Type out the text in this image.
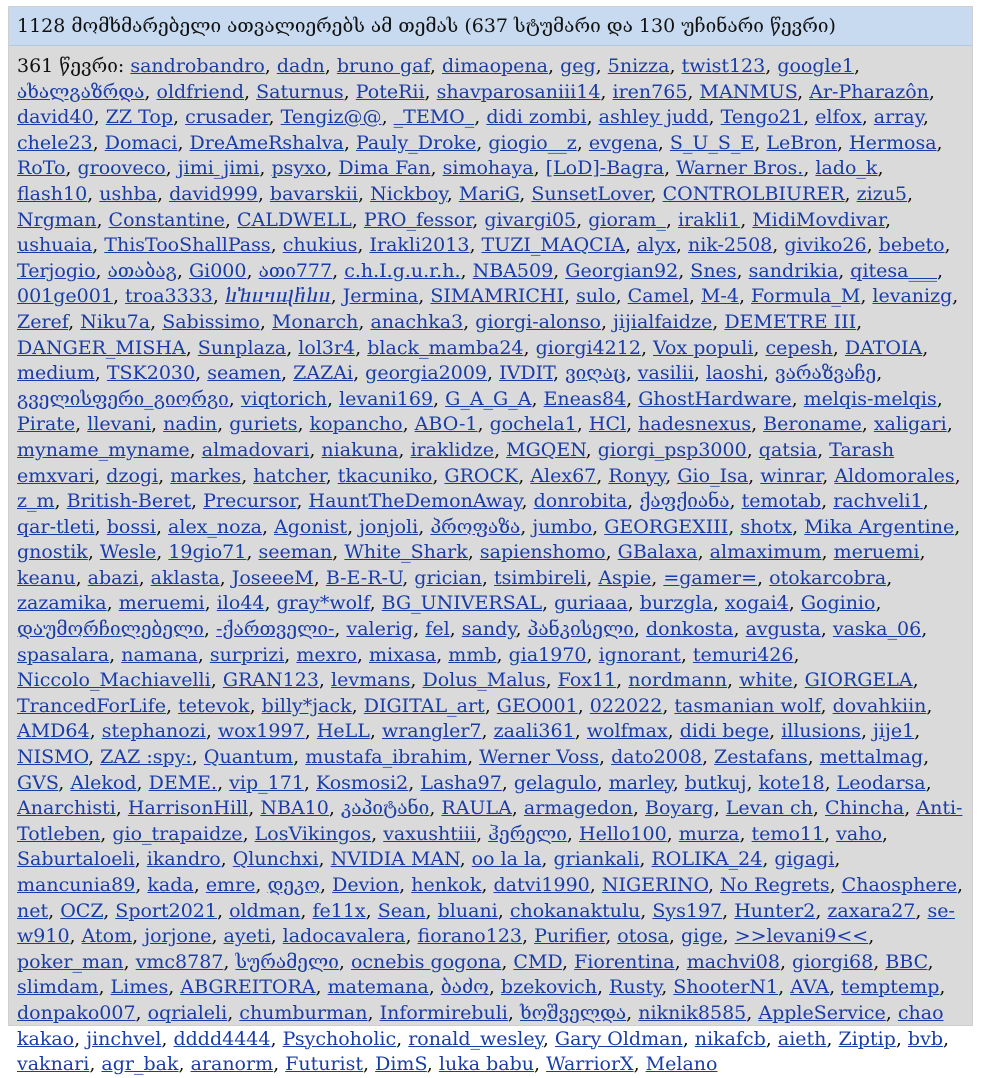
1128 მომხმარებელი ათვალიერებს ამ თემას (637 სტუმარი და 130 უჩინარი წევრი)
361 წევრი: sandrobandro, dadn, bruno gaf, dimaopena, geg, 5nizza, twist123, google1, ახალგაზრდა, oldfriend, Saturnus, PoteRii, shavparosaniii14, iren765, MANMUS, Ar-Pharazôn, david40, ZZ Top, crusader, Tengiz@@, _TEMO_, didi zombi, ashley judd, Tengo21, elfox, array, chele23, Domaci, DreAmeRshalva, Pauly_Droke, giogio__z, evgena, S_U_S_E, LeBron, Hermosa, RoTo, grooveco, jimi_jimi, psyxo, Dima Fan, simohaya, [LoD]-Bagra, Warner Bros., lado_k, flash10, ushba, david999, bavarskii, Nickboy, MariG, SunsetLover, CONTROLBIURER, zizu5, Nrgman, Constantine, CALDWELL, PRO_fessor, givargi05, gioram_, irakli1, MidiMovdivar, ushuaia, ThisTooShallPass, chukius, Irakli2013, TUZI_MAQCIA, alyx, nik-2508, giviko26, bebeto, Terjogio, ათაბაგ, Gi000, ათი777, c.h.I.g.u.r.h., NBA509, Georgian92, Snes, sandrikia, qitesa___, 001ge001, troa3333, ⴑⴆⴎⴈⴓⴌⴑⴎ, Jermina, SIMAMRICHI, sulo, Camel, M-4, Formula_M, levanizg, Zeref, Niku7a, Sabissimo, Monarch, anachka3, giorgi-alonso, jijialfaidze, DEMETRE III, DANGER_MISHA, Sunplaza, lol3r4, black_mamba24, giorgi4212, Vox populi, cepesh, DATOIA, medium, TSK2030, seamen, ZAZAi, georgia2009, IVDIT, ვიღაც, vasilii, laoshi, ვარაზვაჩე, გველისფერი_გიორგი, viqtorich, levani169, G_A_G_A, Eneas84, GhostHardware, melqis-melqis, Pirate, llevani, nadin, guriets, kopancho, ABO-1, gochela1, HCl, hadesnexus, Beroname, xaligari, myname_myname, almadovari, niakuna, iraklidze, MGQEN, giorgi_psp3000, qatsia, Tarash emxvari, dzogi, markes, hatcher, tkacuniko, GROCK, Alex67, Ronyy, Gio_Isa, winrar, Aldomorales, z_m, British-Beret, Precursor, HauntTheDemonAway, donrobita, ქაფქიანა, temotab, rachveli1, qar-tleti, bossi, alex_noza, Agonist, jonjoli, პროფაზა, jumbo, GEORGEXIII, shotx, Mika Argentine, gnostik, Wesle, 19gio71, seeman, White_Shark, sapienshomo, GBalaxa, almaximum, meruemi, keanu, abazi, aklasta, JoseeeM, B-E-R-U, grician, tsimbireli, Aspie, =gamer=, otokarcobra, zazamika, meruemi, ilo44, gray*wolf, BG_UNIVERSAL, guriaaa, burzgla, xogai4, Goginio, დაუმორჩილებელი, -ქართველი-, valerig, fel, sandy, პანკისელი, donkosta, avgusta, vaska_06, spasalara, namana, surprizi, mexro, mixasa, mmb, gia1970, ignorant, temuri426, Niccolo_Machiavelli, GRAN123, levmans, Dolus_Malus, Fox11, nordmann, white, GIORGELA, TrancedForLife, tetevok, billy*jack, DIGITAL_art, GEO001, 022022, tasmanian wolf, dovahkiin, AMD64, stephanozi, wox1997, HeLL, wrangler7, zaali361, wolfmax, didi bege, illusions, jije1, NISMO, ZAZ :spy:, Quantum, mustafa_ibrahim, Werner Voss, dato2008, Zestafans, mettalmag, GVS, Alekod, DEME., vip_171, Kosmosi2, Lasha97, gelagulo, marley, butkuj, kote18, Leodarsa, Anarchisti, HarrisonHill, NBA10, კაპიტანი, RAULA, armagedon, Boyarg, Levan ch, Chincha, Anti-Totleben, gio_trapaidze, LosVikingos, vaxushtiii, ჰერელი, Hello100, murza, temo11, vaho, Saburtaloeli, ikandro, Qlunchxi, NVIDIA MAN, oo la la, griankali, ROLIKA_24, gigagi, mancunia89, kada, emre, დეკო, Devion, henkok, datvi1990, NIGERINO, No Regrets, Chaosphere, net, OCZ, Sport2021, oldman, fe11x, Sean, bluani, chokanaktulu, Sys197, Hunter2, zaxara27, se-w910, Atom, jorjone, ayeti, ladocavalera, fiorano123, Purifier, otosa, gige, >>levani9<<, poker_man, vmc8787, სურამელი, ocnebis gogona, CMD, Fiorentina, machvi08, giorgi68, BBC, slimdam, Limes, ABGREITORA, matemana, ბაძო, bzekovich, Rusty, ShooterN1, AVA, temptemp, donpako007, oqrialeli, chumburman, Informirebuli, ხოშველდა, niknik8585, AppleService, chao kakao, jinchvel, dddd4444, Psychoholic, ronald_wesley, Gary Oldman, nikafcb, aieth, Ziptip, bvb, vaknari, agr_bak, aranorm, Futurist, DimS, luka babu, WarriorX, Melano
